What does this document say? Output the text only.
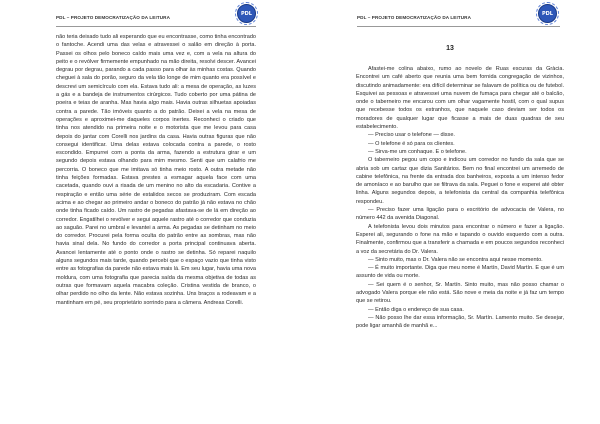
PDL – PROJETO DEMOCRATIZAÇÃO DA LEITURA
PDL

não teria deixado tudo ali esperando que eu encontrasse, como tinha encontrado o fantoche. Acendi uma das velas e atravessei o salão em direção à porta. Passei os olhos pelo boneco caído mais uma vez e, com a vela na altura do peito e o revólver firmemente empunhado na mão direita, resolvi descer. Avancei degrau por degrau, parando a cada passo para olhar às minhas costas. Quando cheguei à sala do porão, seguro da vela tão longe de mim quanto era possível e descrevi um semicírculo com ela. Estava tudo ali: a mesa de operação, as luzes a gás e a bandeja de instrumentos cirúrgicos. Tudo coberto por uma pátina de poeira e teias de aranha. Mas havia algo mais. Havia outras silhuetas apoiadas contra a parede. Tão imóveis quanto a do patrão. Deixei a vela na mesa de operações e aproximei-me daqueles corpos inertes. Reconheci o criado que tinha nos atendido na primeira noite e o motorista que me levou para casa depois do jantar com Corelli nos jardins da casa. Havia outras figuras que não consegui identificar. Uma delas estava colocada contra a parede, o rosto escondido. Empurrei com a ponta da arma, fazendo a estrutura girar e um segundo depois estava olhando para mim mesmo. Senti que um calafrio me percorria. O boneco que me imitava só tinha meio rosto. A outra metade não tinha feições formadas. Estava prestes a esmagar aquela face com uma cacetada, quando ouvi a risada de um menino no alto da escadaria. Contive a respiração e então uma série de estalidos secos se produziram. Com escada acima e ao chegar ao primeiro andar o boneco do patrão já não estava no chão onde tinha ficado caído. Um rastro de pegadas afastava-se de lá em direção ao corredor. Engatilhei o revólver e segui aquele rastro até o corredor que conduzia ao saguão. Parei no umbral e levantei a arma. As pegadas se detinham no meio do corredor. Procurei pela forma oculta do patrão entre as sombras, mas não havia sinal dela. No fundo do corredor a porta principal continuava aberta. Avancei lentamente até o ponto onde o rastro se detinha. Só reparei naquilo alguns segundos mais tarde, quando percebi que o espaço vazio que tinha visto entre as fotografias da parede não estava mais lá. Em seu lugar, havia uma nova moldura, com uma fotografia que parecia saída da mesma objetiva de todas as outras que formavam aquela macabra coleção. Cristina vestida de branco, o olhar perdido no olho da lente. Não estava sozinha. Uns braços a rodeavam e a mantinham em pé, seu proprietário sorrindo para a câmera. Andreas Corelli.

PDL – PROJETO DEMOCRATIZAÇÃO DA LEITURA
PDL
13

Afastei-me colina abaixo, rumo ao novelo de Ruas escuras da Gràcia. Encontrei um café aberto que reunia uma bem fornida congregação de vizinhos, discutindo animadamente: era difícil determinar se falavam de política ou de futebol. Esquivei as pessoas e atravessei uma nuvem de fumaça para chegar até o balcão, onde o taberneiro me encarou com um olhar vagamente hostil, com o qual supus que recebesse todos os estranhos, que naquele caso deviam ser todos os moradores de qualquer lugar que ficasse a mais de duas quadras de seu estabelecimento.

— Preciso usar o telefone — disse.

— O telefone é só para os clientes.

— Sirva-me um conhaque. E o telefone.

O taberneiro pegou um copo e indicou um corredor no fundo da sala que se abria sob um cartaz que dizia Sanitários. Bem no final encontrei um arremedo de cabine telefônica, na frente da entrada dos banheiros, exposta a um intenso fedor de amoníaco e ao barulho que se filtrava da sala. Peguei o fone e esperei até obter linha. Alguns segundos depois, a telefonista da central da companhia telefônica respondeu.

— Preciso fazer uma ligação para o escritório de advocacia de Valera, no número 442 da avenida Diagonal.

A telefonista levou dois minutos para encontrar o número e fazer a ligação. Esperei ali, segurando o fone na mão e tapando o ouvido esquerdo com a outra. Finalmente, confirmou que a transferir a chamada e em poucos segundos reconheci a voz da secretária do Dr. Valera.

— Sinto muito, mas o Dr. Valera não se encontra aqui nesse momento.

— É muito importante. Diga que meu nome é Martín, David Martín. E que é um assunto de vida ou morte.

— Sei quem é o senhor, Sr. Martín. Sinto muito, mas não posso chamar o advogado Valera porque ele não está. São nove e meia da noite e já faz um tempo que se retirou.

— Então diga o endereço de sua casa.

— Não posso lhe dar essa informação, Sr. Martín. Lamento muito. Se desejar, pode ligar amanhã de manhã e...
